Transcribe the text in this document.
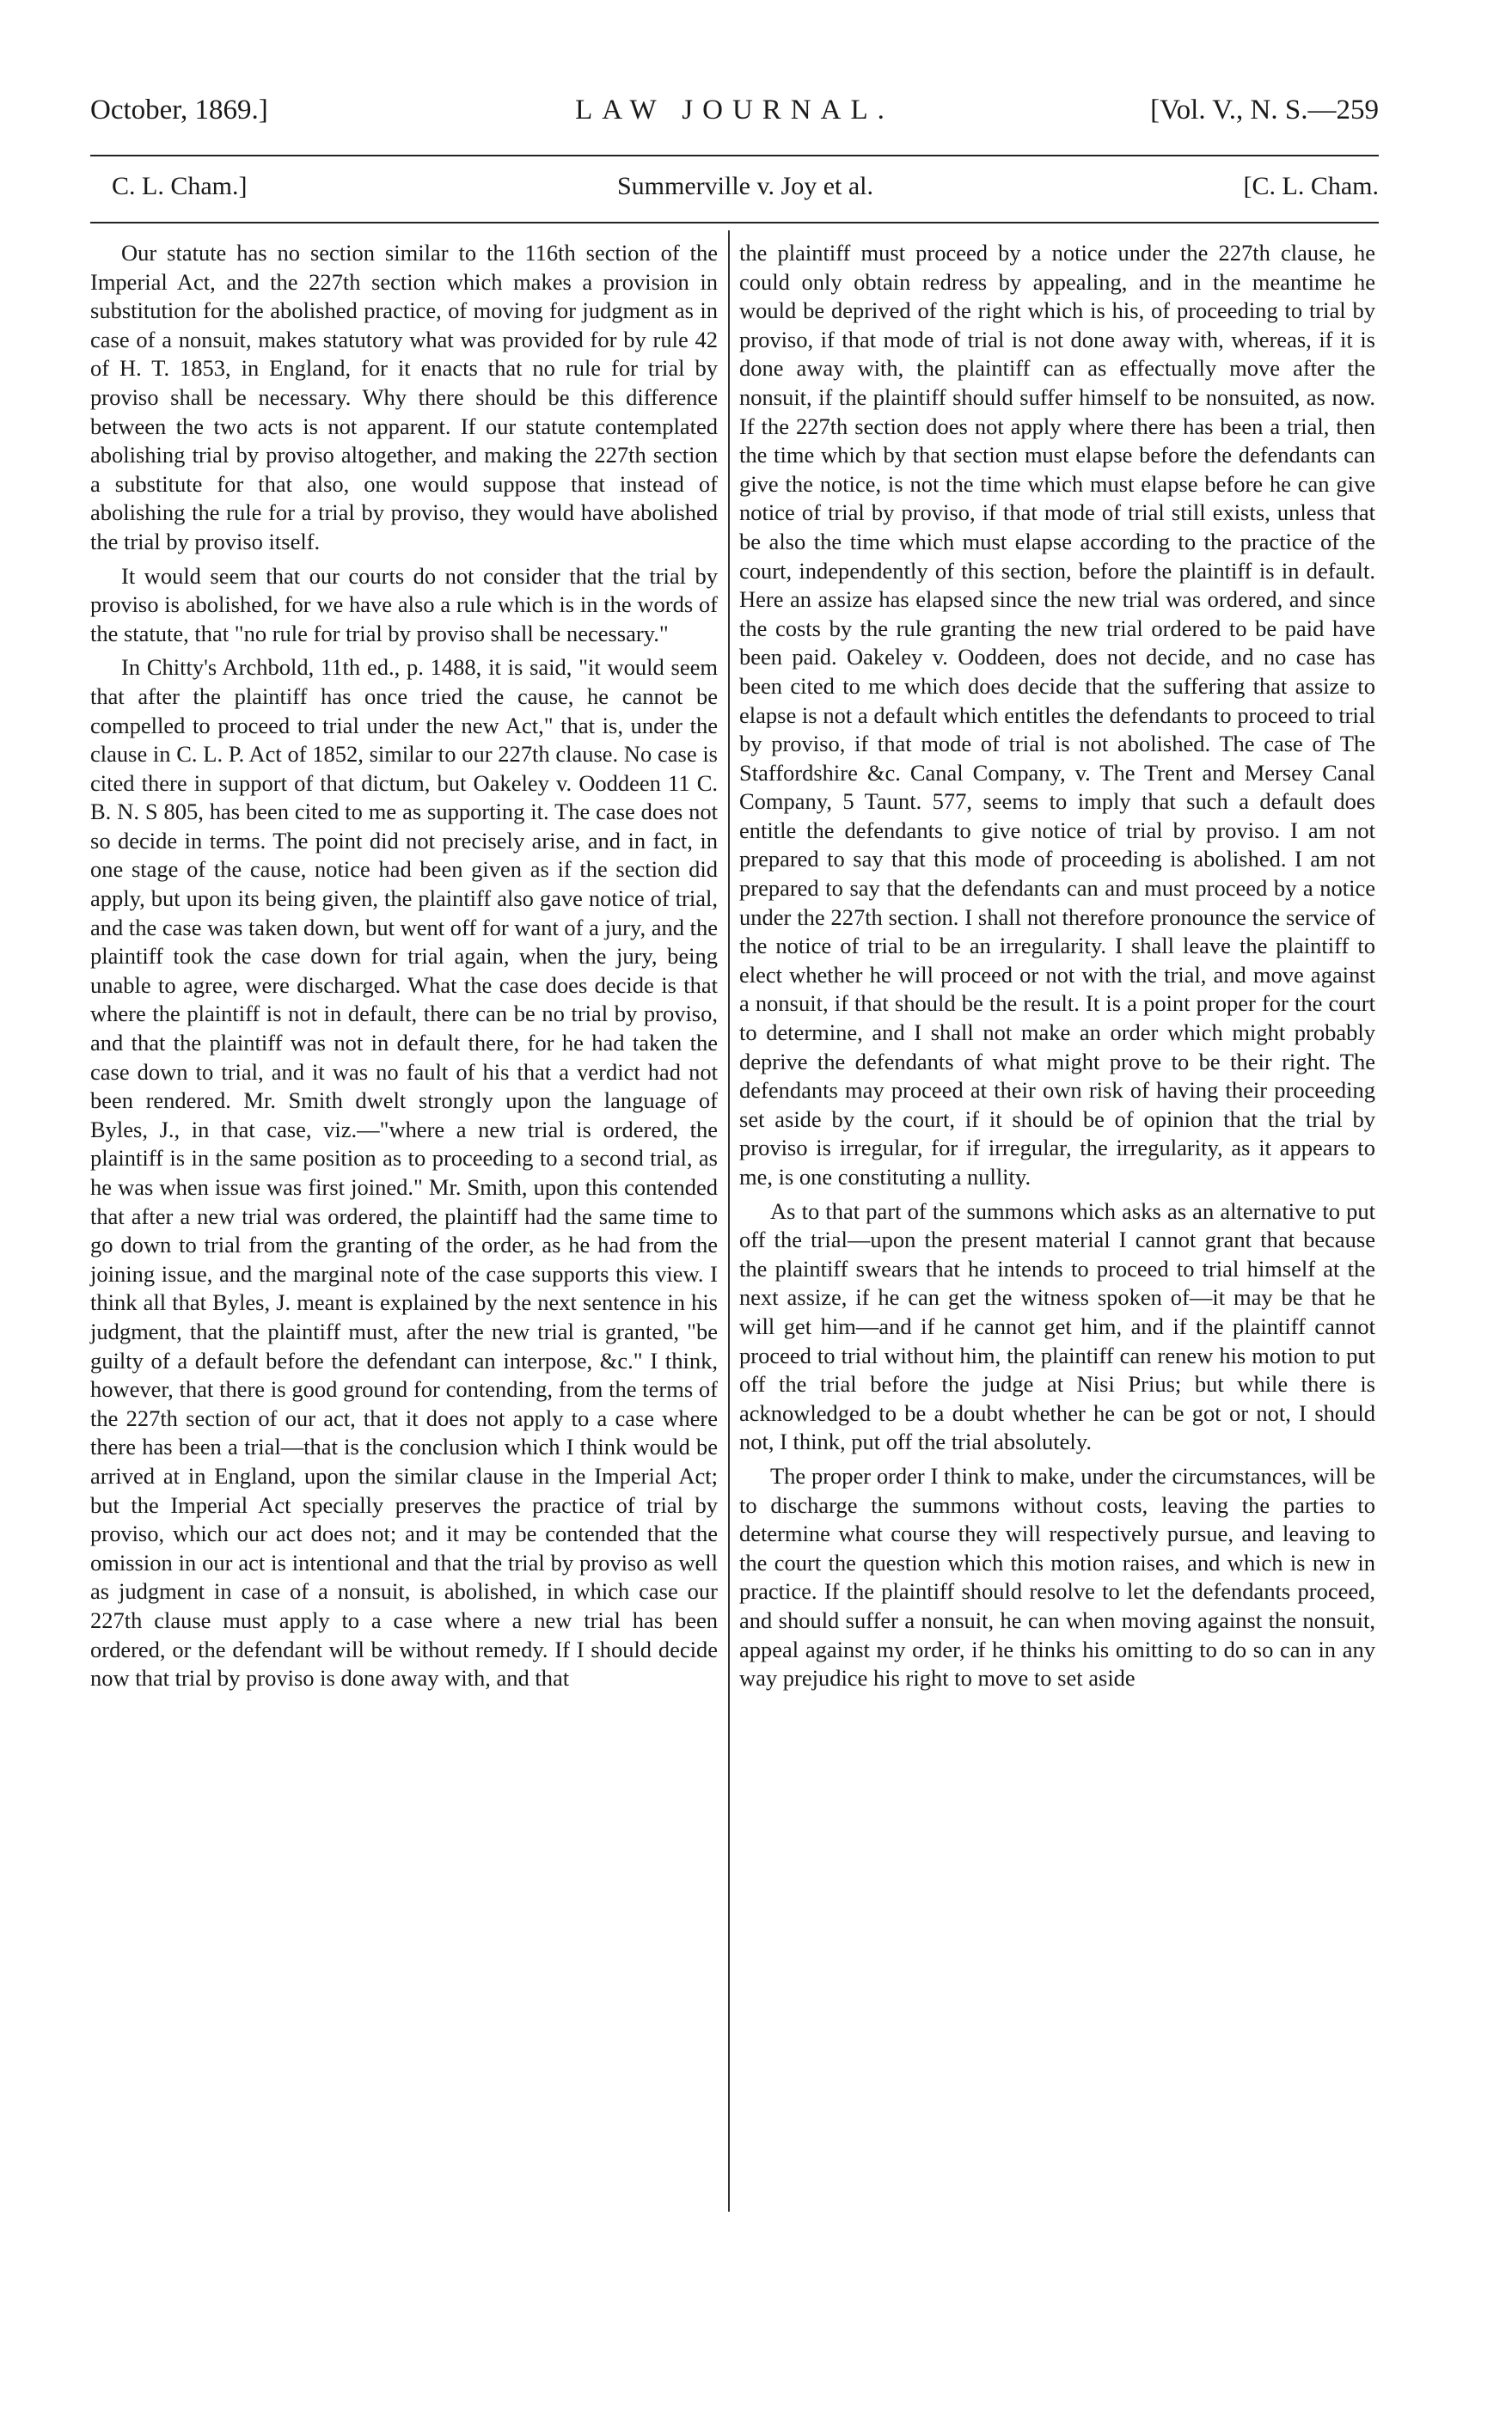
October, 1869.]	LAW JOURNAL.	[Vol. V., N. S.—259
C. L. Cham.]	Summerville v. Joy et al.	[C. L. Cham.

Our statute has no section similar to the 116th section of the Imperial Act, and the 227th section which makes a provision in substitution for the abolished practice, of moving for judgment as in case of a nonsuit, makes statutory what was provided for by rule 42 of H. T. 1853, in England, for it enacts that no rule for trial by proviso shall be necessary. Why there should be this difference between the two acts is not apparent. If our statute contemplated abolishing trial by proviso altogether, and making the 227th section a substitute for that also, one would suppose that instead of abolishing the rule for a trial by proviso, they would have abolished the trial by proviso itself.

It would seem that our courts do not consider that the trial by proviso is abolished, for we have also a rule which is in the words of the statute, that "no rule for trial by proviso shall be necessary."

In Chitty's Archbold, 11th ed., p. 1488, it is said, "it would seem that after the plaintiff has once tried the cause, he cannot be compelled to proceed to trial under the new Act," that is, under the clause in C. L. P. Act of 1852, similar to our 227th clause. No case is cited there in support of that dictum, but Oakeley v. Ooddeen 11 C. B. N. S 805, has been cited to me as supporting it. The case does not so decide in terms. The point did not precisely arise, and in fact, in one stage of the cause, notice had been given as if the section did apply, but upon its being given, the plaintiff also gave notice of trial, and the case was taken down, but went off for want of a jury, and the plaintiff took the case down for trial again, when the jury, being unable to agree, were discharged. What the case does decide is that where the plaintiff is not in default, there can be no trial by proviso, and that the plaintiff was not in default there, for he had taken the case down to trial, and it was no fault of his that a verdict had not been rendered. Mr. Smith dwelt strongly upon the language of Byles, J., in that case, viz.—"where a new trial is ordered, the plaintiff is in the same position as to proceeding to a second trial, as he was when issue was first joined." Mr. Smith, upon this contended that after a new trial was ordered, the plaintiff had the same time to go down to trial from the granting of the order, as he had from the joining issue, and the marginal note of the case supports this view. I think all that Byles, J. meant is explained by the next sentence in his judgment, that the plaintiff must, after the new trial is granted, "be guilty of a default before the defendant can interpose, &c." I think, however, that there is good ground for contending, from the terms of the 227th section of our act, that it does not apply to a case where there has been a trial—that is the conclusion which I think would be arrived at in England, upon the similar clause in the Imperial Act; but the Imperial Act specially preserves the practice of trial by proviso, which our act does not; and it may be contended that the omission in our act is intentional and that the trial by proviso as well as judgment in case of a nonsuit, is abolished, in which case our 227th clause must apply to a case where a new trial has been ordered, or the defendant will be without remedy. If I should decide now that trial by proviso is done away with, and that

the plaintiff must proceed by a notice under the 227th clause, he could only obtain redress by appealing, and in the meantime he would be deprived of the right which is his, of proceeding to trial by proviso, if that mode of trial is not done away with, whereas, if it is done away with, the plaintiff can as effectually move after the nonsuit, if the plaintiff should suffer himself to be nonsuited, as now. If the 227th section does not apply where there has been a trial, then the time which by that section must elapse before the defendants can give the notice, is not the time which must elapse before he can give notice of trial by proviso, if that mode of trial still exists, unless that be also the time which must elapse according to the practice of the court, independently of this section, before the plaintiff is in default. Here an assize has elapsed since the new trial was ordered, and since the costs by the rule granting the new trial ordered to be paid have been paid. Oakeley v. Ooddeen, does not decide, and no case has been cited to me which does decide that the suffering that assize to elapse is not a default which entitles the defendants to proceed to trial by proviso, if that mode of trial is not abolished. The case of The Staffordshire &c. Canal Company, v. The Trent and Mersey Canal Company, 5 Taunt. 577, seems to imply that such a default does entitle the defendants to give notice of trial by proviso. I am not prepared to say that this mode of proceeding is abolished. I am not prepared to say that the defendants can and must proceed by a notice under the 227th section. I shall not therefore pronounce the service of the notice of trial to be an irregularity. I shall leave the plaintiff to elect whether he will proceed or not with the trial, and move against a nonsuit, if that should be the result. It is a point proper for the court to determine, and I shall not make an order which might probably deprive the defendants of what might prove to be their right. The defendants may proceed at their own risk of having their proceeding set aside by the court, if it should be of opinion that the trial by proviso is irregular, for if irregular, the irregularity, as it appears to me, is one constituting a nullity.

As to that part of the summons which asks as an alternative to put off the trial—upon the present material I cannot grant that because the plaintiff swears that he intends to proceed to trial himself at the next assize, if he can get the witness spoken of—it may be that he will get him—and if he cannot get him, and if the plaintiff cannot proceed to trial without him, the plaintiff can renew his motion to put off the trial before the judge at Nisi Prius; but while there is acknowledged to be a doubt whether he can be got or not, I should not, I think, put off the trial absolutely.

The proper order I think to make, under the circumstances, will be to discharge the summons without costs, leaving the parties to determine what course they will respectively pursue, and leaving to the court the question which this motion raises, and which is new in practice. If the plaintiff should resolve to let the defendants proceed, and should suffer a nonsuit, he can when moving against the nonsuit, appeal against my order, if he thinks his omitting to do so can in any way prejudice his right to move to set aside
